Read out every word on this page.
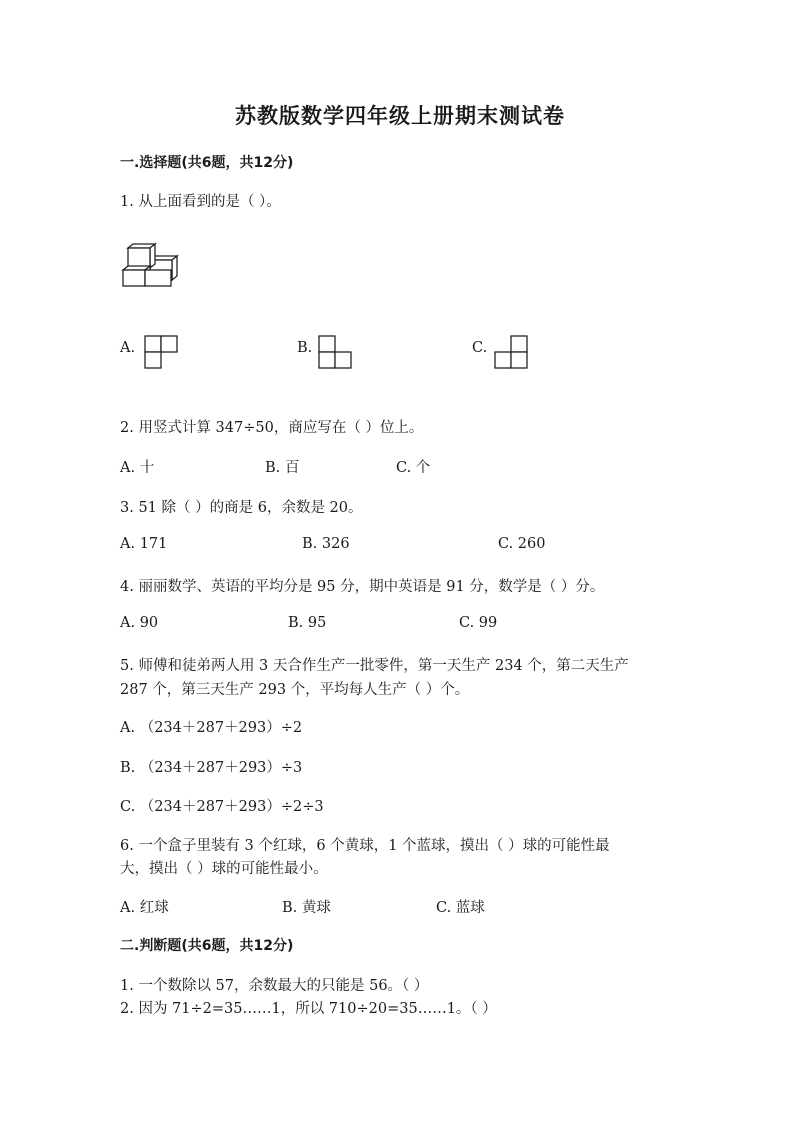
苏教版数学四年级上册期末测试卷
一.选择题(共6题，共12分)
1. 从上面看到的是（ ）。
A.	B.	C.
2. 用竖式计算 347÷50，商应写在（ ）位上。
A. 十	B. 百	C. 个
3. 51 除（ ）的商是 6，余数是 20。
A. 171	B. 326	C. 260
4. 丽丽数学、英语的平均分是 95 分，期中英语是 91 分，数学是（ ）分。
A. 90	B. 95	C. 99
5. 师傅和徒弟两人用 3 天合作生产一批零件，第一天生产 234 个，第二天生产
287 个，第三天生产 293 个，平均每人生产（ ）个。
A. （234＋287＋293）÷2
B. （234＋287＋293）÷3
C. （234＋287＋293）÷2÷3
6. 一个盒子里装有 3 个红球，6 个黄球，1 个蓝球，摸出（ ）球的可能性最
大，摸出（ ）球的可能性最小。
A. 红球	B. 黄球	C. 蓝球
二.判断题(共6题，共12分)
1. 一个数除以 57，余数最大的只能是 56。（ ）
2. 因为 71÷2=35……1，所以 710÷20=35……1。（ ）
